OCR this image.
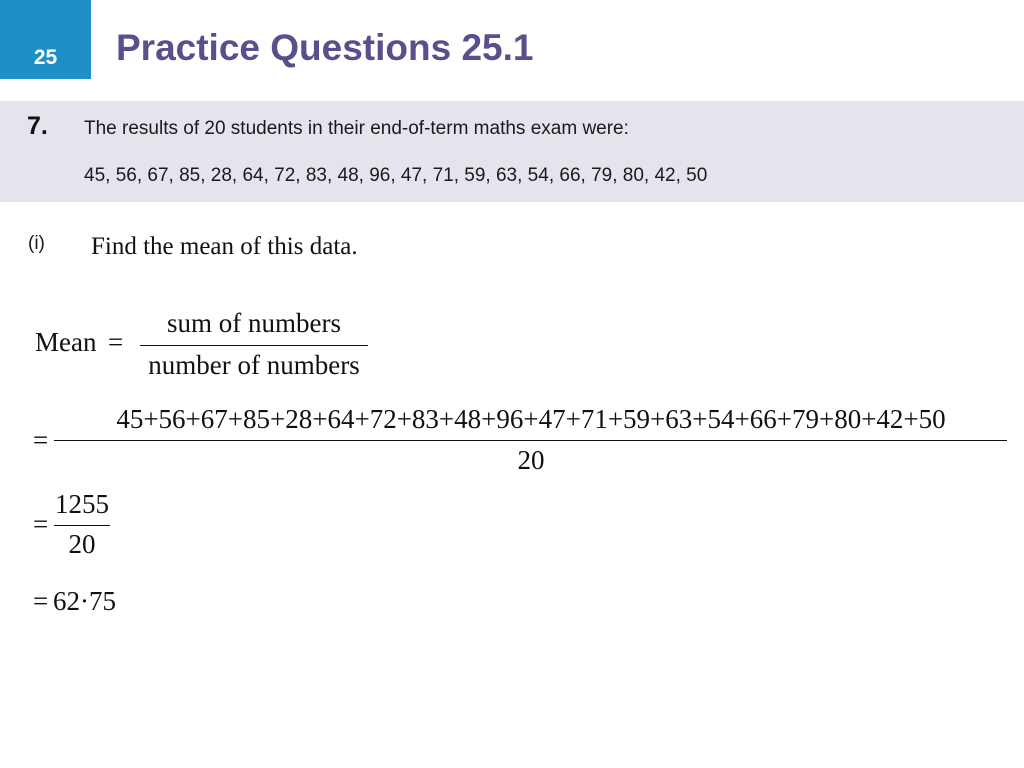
25	Practice Questions 25.1
7. The results of 20 students in their end-of-term maths exam were:
45, 56, 67, 85, 28, 64, 72, 83, 48, 96, 47, 71, 59, 63, 54, 66, 79, 80, 42, 50
(i) Find the mean of this data.
Mean =
sum of numbers
number of numbers
=
45+56+67+85+28+64+72+83+48+96+47+71+59+63+54+66+79+80+42+50
20
=
1255
20
= 62·75
